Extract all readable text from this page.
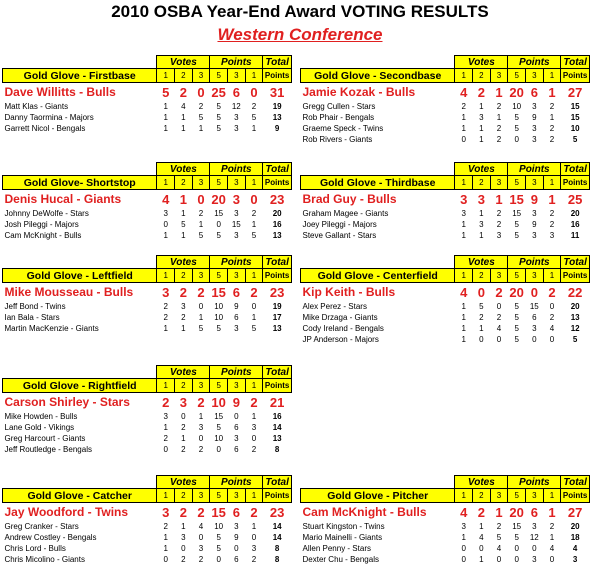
2010 OSBA Year-End Award VOTING RESULTS
Western Conference
	Votes			Points			Total
Gold Glove - Firstbase	1	2	3	5	3	1	Points
Dave Willitts - Bulls	5	2	0	25	6	0	31
Matt Klas - Giants	1	4	2	5	12	2	19
Danny Taormina - Majors	1	1	5	5	3	5	13
Garrett Nicol - Bengals	1	1	1	5	3	1	9
	Votes			Points			Total
Gold Glove - Secondbase	1	2	3	5	3	1	Points
Jamie Kozak - Bulls	4	2	1	20	6	1	27
Gregg Cullen - Stars	2	1	2	10	3	2	15
Rob Phair - Bengals	1	3	1	5	9	1	15
Graeme Speck - Twins	1	1	2	5	3	2	10
Rob Rivers - Giants	0	1	2	0	3	2	5
	Votes			Points			Total
Gold Glove- Shortstop	1	2	3	5	3	1	Points
Denis Hucal - Giants	4	1	0	20	3	0	23
Johnny DeWolfe - Stars	3	1	2	15	3	2	20
Josh Pileggi - Majors	0	5	1	0	15	1	16
Cam McKnight - Bulls	1	1	5	5	3	5	13
	Votes			Points			Total
Gold Glove - Thirdbase	1	2	3	5	3	1	Points
Brad Guy - Bulls	3	3	1	15	9	1	25
Graham Magee - Giants	3	1	2	15	3	2	20
Joey Pileggi - Majors	1	3	2	5	9	2	16
Steve Gallant - Stars	1	1	3	5	3	3	11
	Votes			Points			Total
Gold Glove - Leftfield	1	2	3	5	3	1	Points
Mike Mousseau - Bulls	3	2	2	15	6	2	23
Jeff Bond - Twins	2	3	0	10	9	0	19
Ian Bala - Stars	2	2	1	10	6	1	17
Martin MacKenzie - Giants	1	1	5	5	3	5	13
	Votes			Points			Total
Gold Glove - Centerfield	1	2	3	5	3	1	Points
Kip Keith - Bulls	4	0	2	20	0	2	22
Alex Perez - Stars	1	5	0	5	15	0	20
Mike Drzaga - Giants	1	2	2	5	6	2	13
Cody Ireland - Bengals	1	1	4	5	3	4	12
JP Anderson - Majors	1	0	0	5	0	0	5
	Votes			Points			Total
Gold Glove - Rightfield	1	2	3	5	3	1	Points
Carson Shirley - Stars	2	3	2	10	9	2	21
Mike Howden - Bulls	3	0	1	15	0	1	16
Lane Gold - Vikings	1	2	3	5	6	3	14
Greg Harcourt - Giants	2	1	0	10	3	0	13
Jeff Routledge - Bengals	0	2	2	0	6	2	8
	Votes			Points			Total
Gold Glove - Catcher	1	2	3	5	3	1	Points
Jay Woodford - Twins	3	2	2	15	6	2	23
Greg Cranker - Stars	2	1	4	10	3	1	14
Andrew Costley - Bengals	1	3	0	5	9	0	14
Chris Lord - Bulls	1	0	3	5	0	3	8
Chris Micolino - Giants	0	2	2	0	6	2	8
	Votes			Points			Total
Gold Glove - Pitcher	1	2	3	5	3	1	Points
Cam McKnight - Bulls	4	2	1	20	6	1	27
Stuart Kingston - Twins	3	1	2	15	3	2	20
Mario Mainelli - Giants	1	4	5	5	12	1	18
Allen Penny - Stars	0	0	4	0	0	4	4
Dexter Chu - Bengals	0	1	0	0	3	0	3
